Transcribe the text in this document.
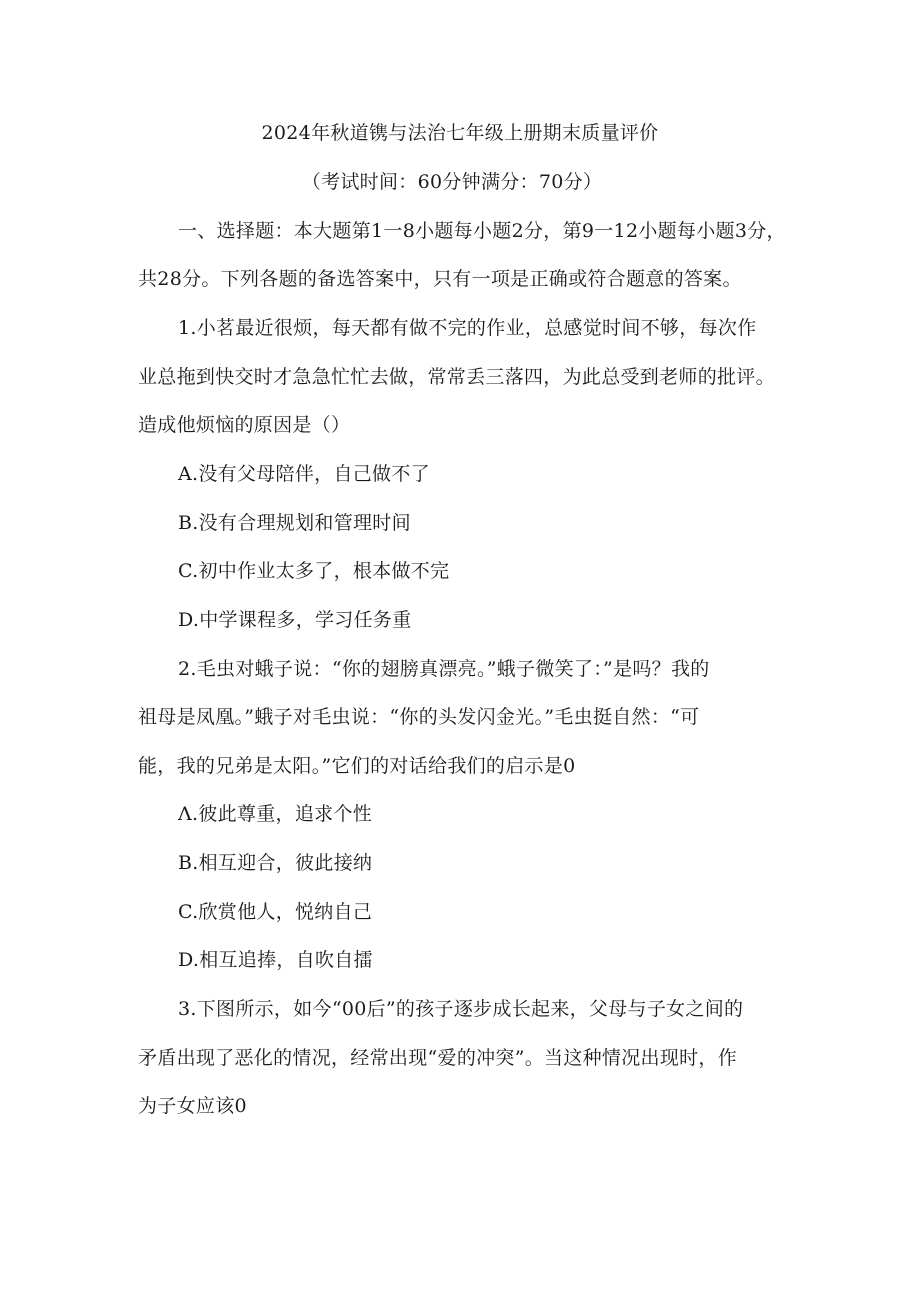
2024年秋道镌与法治七年级上册期末质量评价
（考试时间：60分钟满分：70分）
一、选择题：本大题第1一8小题每小题2分，第9一12小题每小题3分，
共28分。下列各题的备选答案中，只有一项是正确或符合题意的答案。
1.小茗最近很烦，每天都有做不完的作业，总感觉时间不够，每次作
业总拖到快交时才急急忙忙去做，常常丢三落四，为此总受到老师的批评。
造成他烦恼的原因是（）
A.没有父母陪伴，自己做不了
B.没有合理规划和管理时间
C.初中作业太多了，根本做不完
D.中学课程多，学习任务重
2.毛虫对蛾子说：“你的翅膀真漂亮。”蛾子微笑了：”是吗？我的
祖母是凤凰。”蛾子对毛虫说：“你的头发闪金光。”毛虫挺自然：“可
能，我的兄弟是太阳。”它们的对话给我们的启示是0
Λ.彼此尊重，追求个性
B.相互迎合，彼此接纳
C.欣赏他人，悦纳自己
D.相互追捧，自吹自擂
3.下图所示，如今“00后”的孩子逐步成长起来，父母与子女之间的
矛盾出现了恶化的情况，经常出现“爱的冲突”。当这种情况出现时，作
为子女应该0
